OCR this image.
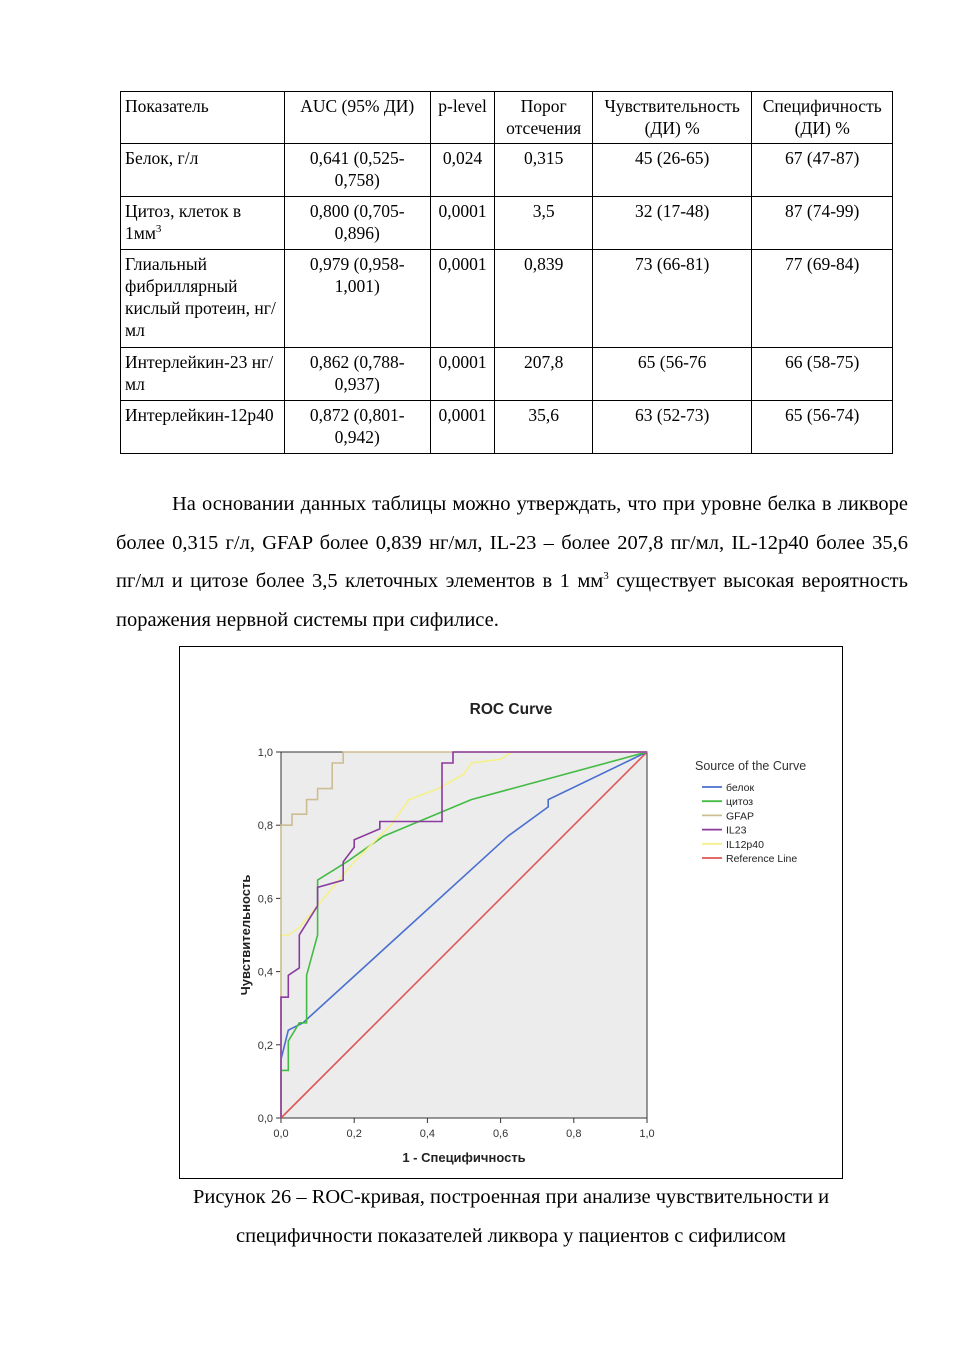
Показатель	AUC (95% ДИ)	p-level	Порог отсечения	Чувствительность (ДИ) %	Специфичность (ДИ) %
Белок, г/л	0,641 (0,525-0,758)	0,024	0,315	45 (26-65)	67 (47-87)
Цитоз, клеток в $1мм^3$	0,800 (0,705-0,896)	0,0001	3,5	32 (17-48)	87 (74-99)
Глиальный фибриллярный кислый протеин, нг/мл	0,979 (0,958-1,001)	0,0001	0,839	73 (66-81)	77 (69-84)
Интерлейкин-23 нг/мл	0,862 (0,788-0,937)	0,0001	207,8	65 (56-76	66 (58-75)
Интерлейкин-12р40	0,872 (0,801-0,942)	0,0001	35,6	63 (52-73)	65 (56-74)
На основании данных таблицы можно утверждать, что при уровне белка в ликворе более 0,315 г/л, GFAP более 0,839 нг/мл, IL-23 – более 207,8 пг/мл, IL-12р40 более 35,6 пг/мл и цитозе более 3,5 клеточных элементов в 1 $мм^3$ существует высокая вероятность поражения нервной системы при сифилисе.
ROC Curve
0,0	0,2	0,4	0,6	0,8	1,0
0,0
0,2
0,4
0,6
0,8
1,0
1 - Специфичность
Чувствительность
Source of the Curve
белок
цитоз
GFAP
IL23
IL12p40
Reference Line
Рисунок 26 – ROC-кривая, построенная при анализе чувствительности и
специфичности показателей ликвора у пациентов с сифилисом
